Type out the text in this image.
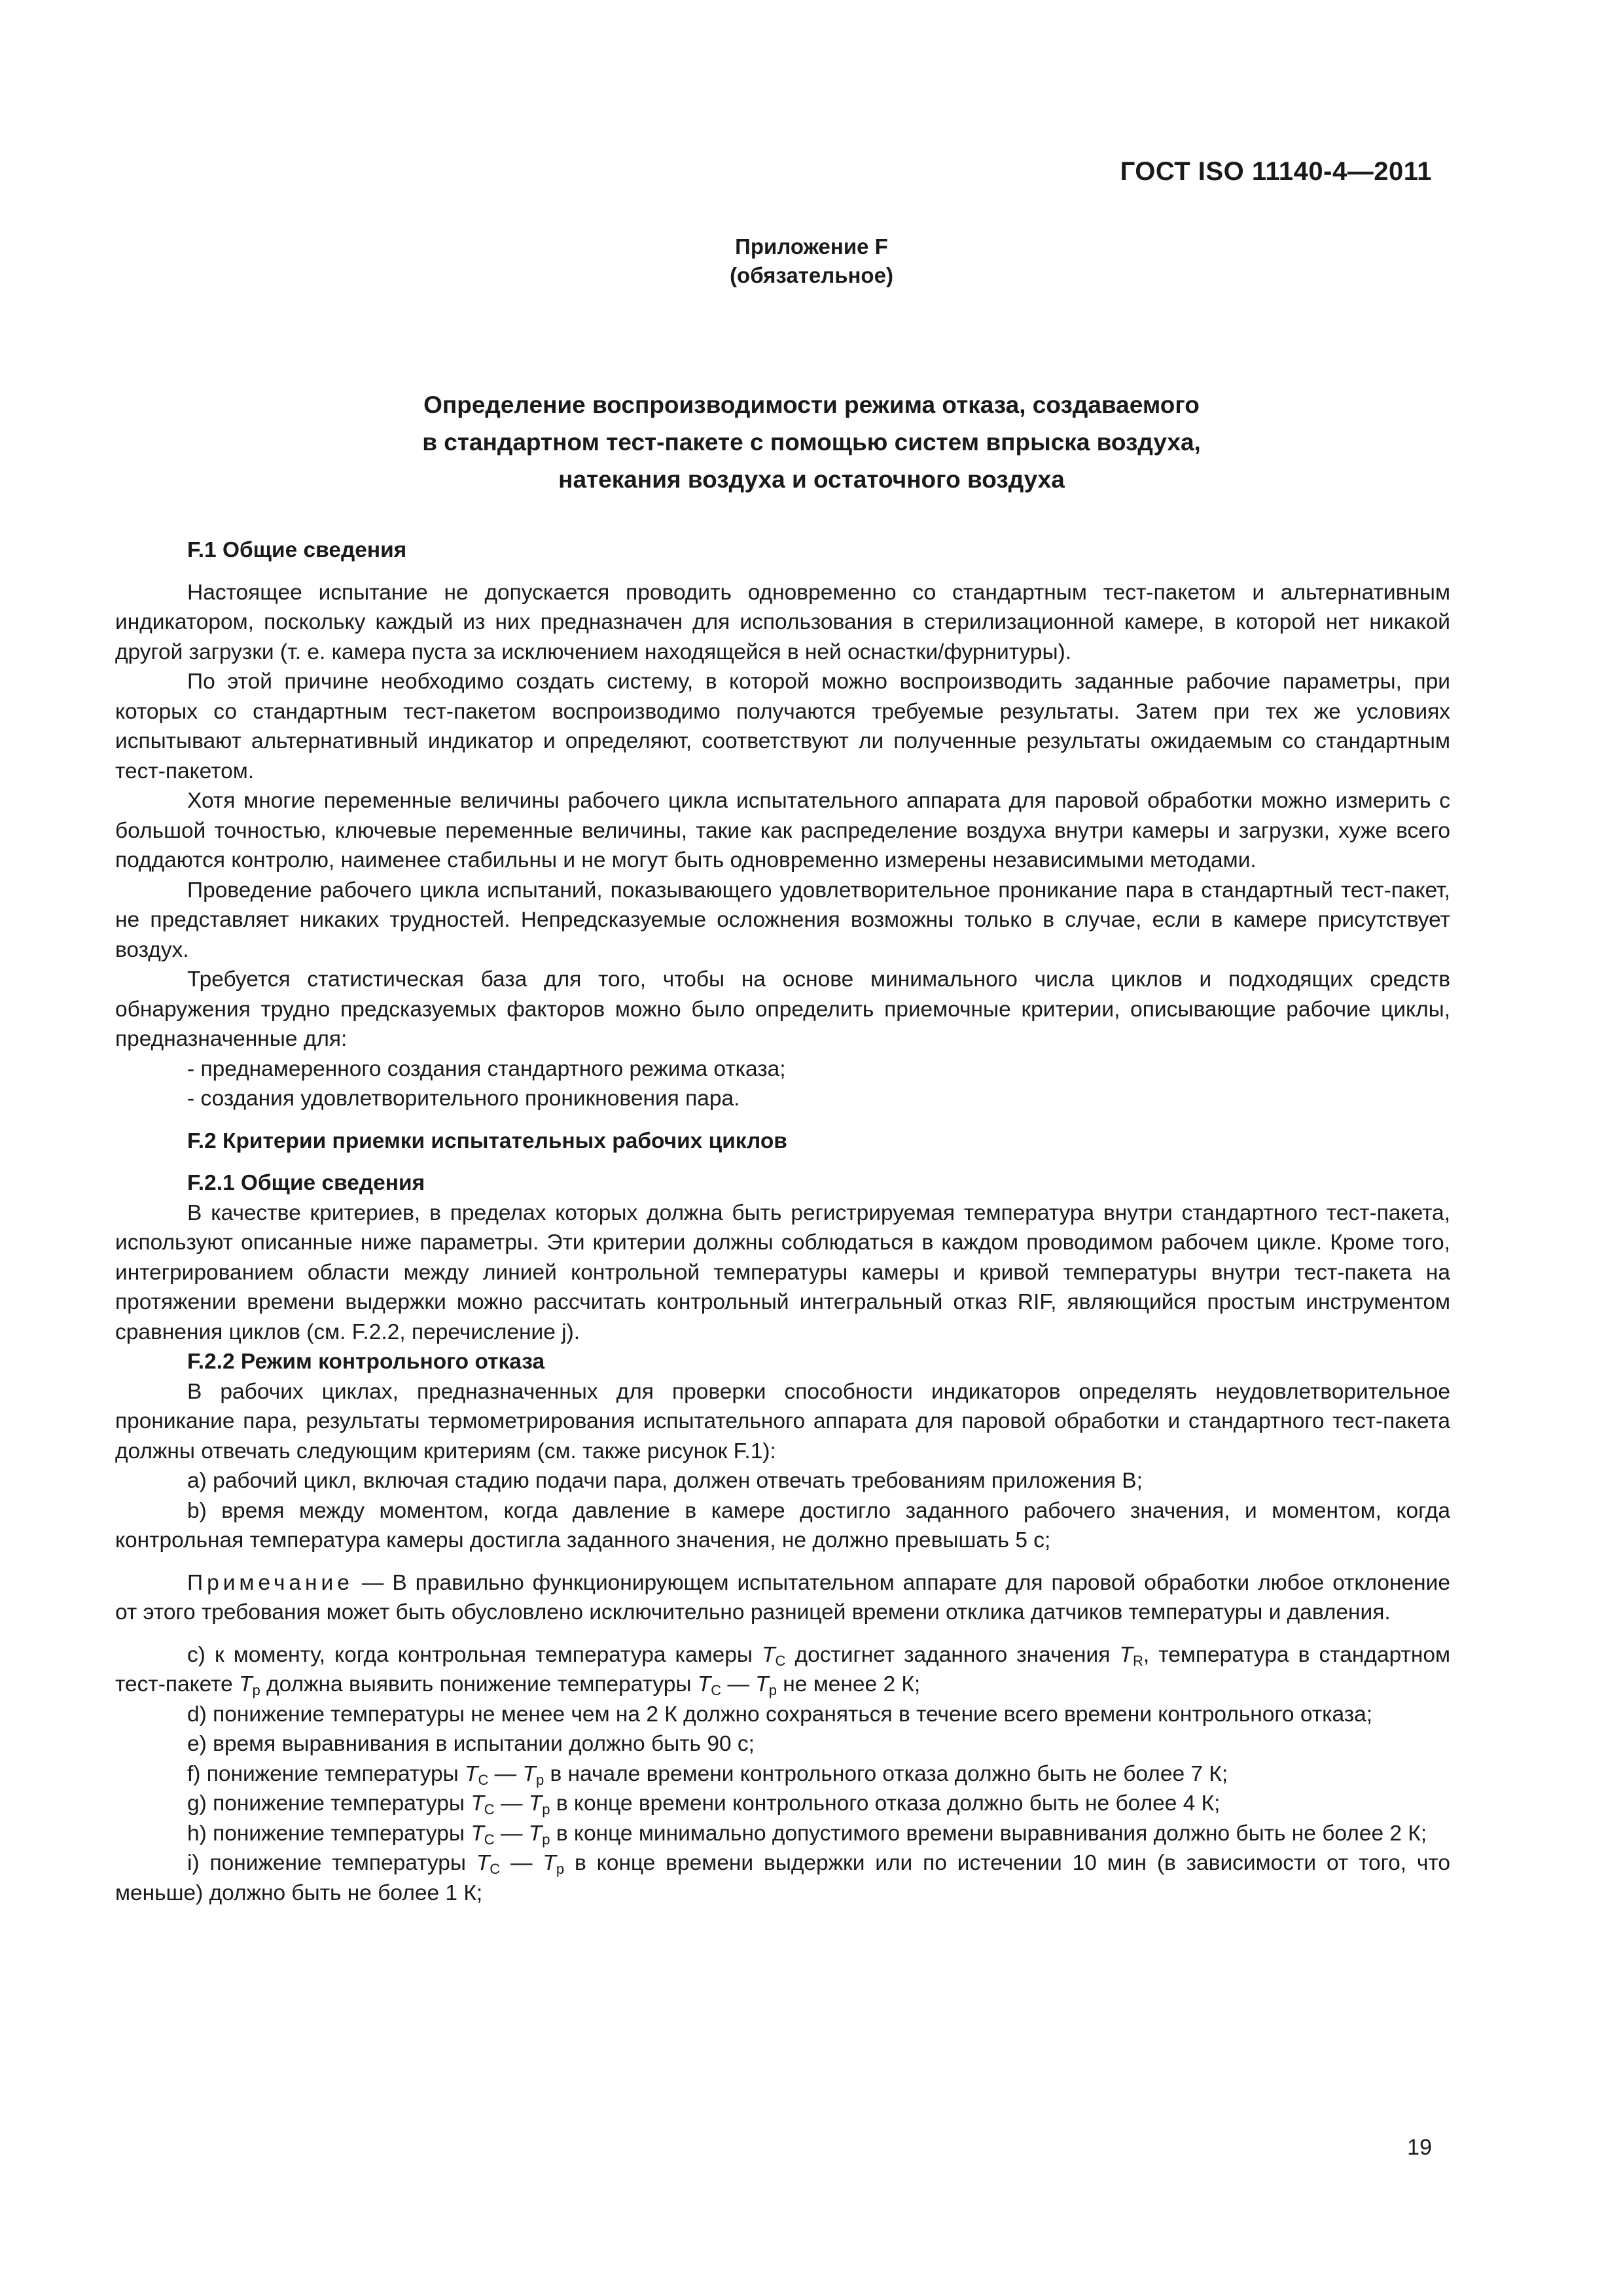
ГОСТ ISO 11140-4—2011
Приложение F
(обязательное)
Определение воспроизводимости режима отказа, создаваемого
в стандартном тест-пакете с помощью систем впрыска воздуха,
натекания воздуха и остаточного воздуха
F.1 Общие сведения

Настоящее испытание не допускается проводить одновременно со стандартным тест-пакетом и альтернативным индикатором, поскольку каждый из них предназначен для использования в стерилизационной камере, в которой нет никакой другой загрузки (т. е. камера пуста за исключением находящейся в ней оснастки/фурнитуры).

По этой причине необходимо создать систему, в которой можно воспроизводить заданные рабочие параметры, при которых со стандартным тест-пакетом воспроизводимо получаются требуемые результаты. Затем при тех же условиях испытывают альтернативный индикатор и определяют, соответствуют ли полученные результаты ожидаемым со стандартным тест-пакетом.

Хотя многие переменные величины рабочего цикла испытательного аппарата для паровой обработки можно измерить с большой точностью, ключевые переменные величины, такие как распределение воздуха внутри камеры и загрузки, хуже всего поддаются контролю, наименее стабильны и не могут быть одновременно измерены независимыми методами.

Проведение рабочего цикла испытаний, показывающего удовлетворительное проникание пара в стандартный тест-пакет, не представляет никаких трудностей. Непредсказуемые осложнения возможны только в случае, если в камере присутствует воздух.

Требуется статистическая база для того, чтобы на основе минимального числа циклов и подходящих средств обнаружения трудно предсказуемых факторов можно было определить приемочные критерии, описывающие рабочие циклы, предназначенные для:

- преднамеренного создания стандартного режима отказа;

- создания удовлетворительного проникновения пара.

F.2 Критерии приемки испытательных рабочих циклов
F.2.1 Общие сведения

В качестве критериев, в пределах которых должна быть регистрируемая температура внутри стандартного тест-пакета, используют описанные ниже параметры. Эти критерии должны соблюдаться в каждом проводимом рабочем цикле. Кроме того, интегрированием области между линией контрольной температуры камеры и кривой температуры внутри тест-пакета на протяжении времени выдержки можно рассчитать контрольный интегральный отказ RIF, являющийся простым инструментом сравнения циклов (см. F.2.2, перечисление j).

F.2.2 Режим контрольного отказа

В рабочих циклах, предназначенных для проверки способности индикаторов определять неудовлетворительное проникание пара, результаты термометрирования испытательного аппарата для паровой обработки и стандартного тест-пакета должны отвечать следующим критериям (см. также рисунок F.1):

a) рабочий цикл, включая стадию подачи пара, должен отвечать требованиям приложения B;

b) время между моментом, когда давление в камере достигло заданного рабочего значения, и моментом, когда контрольная температура камеры достигла заданного значения, не должно превышать 5 с;

Примечание — В правильно функционирующем испытательном аппарате для паровой обработки любое отклонение от этого требования может быть обусловлено исключительно разницей времени отклика датчиков температуры и давления.

c) к моменту, когда контрольная температура камеры $T_C$ достигнет заданного значения $T_R$, температура в стандартном тест-пакете $T_p$ должна выявить понижение температуры $T_C$ — $T_p$ не менее 2 К;

d) понижение температуры не менее чем на 2 К должно сохраняться в течение всего времени контрольного отказа;

e) время выравнивания в испытании должно быть 90 с;

f) понижение температуры $T_C$ — $T_p$ в начале времени контрольного отказа должно быть не более 7 К;

g) понижение температуры $T_C$ — $T_p$ в конце времени контрольного отказа должно быть не более 4 К;

h) понижение температуры $T_C$ — $T_p$ в конце минимально допустимого времени выравнивания должно быть не более 2 К;

i) понижение температуры $T_C$ — $T_p$ в конце времени выдержки или по истечении 10 мин (в зависимости от того, что меньше) должно быть не более 1 К;

19
